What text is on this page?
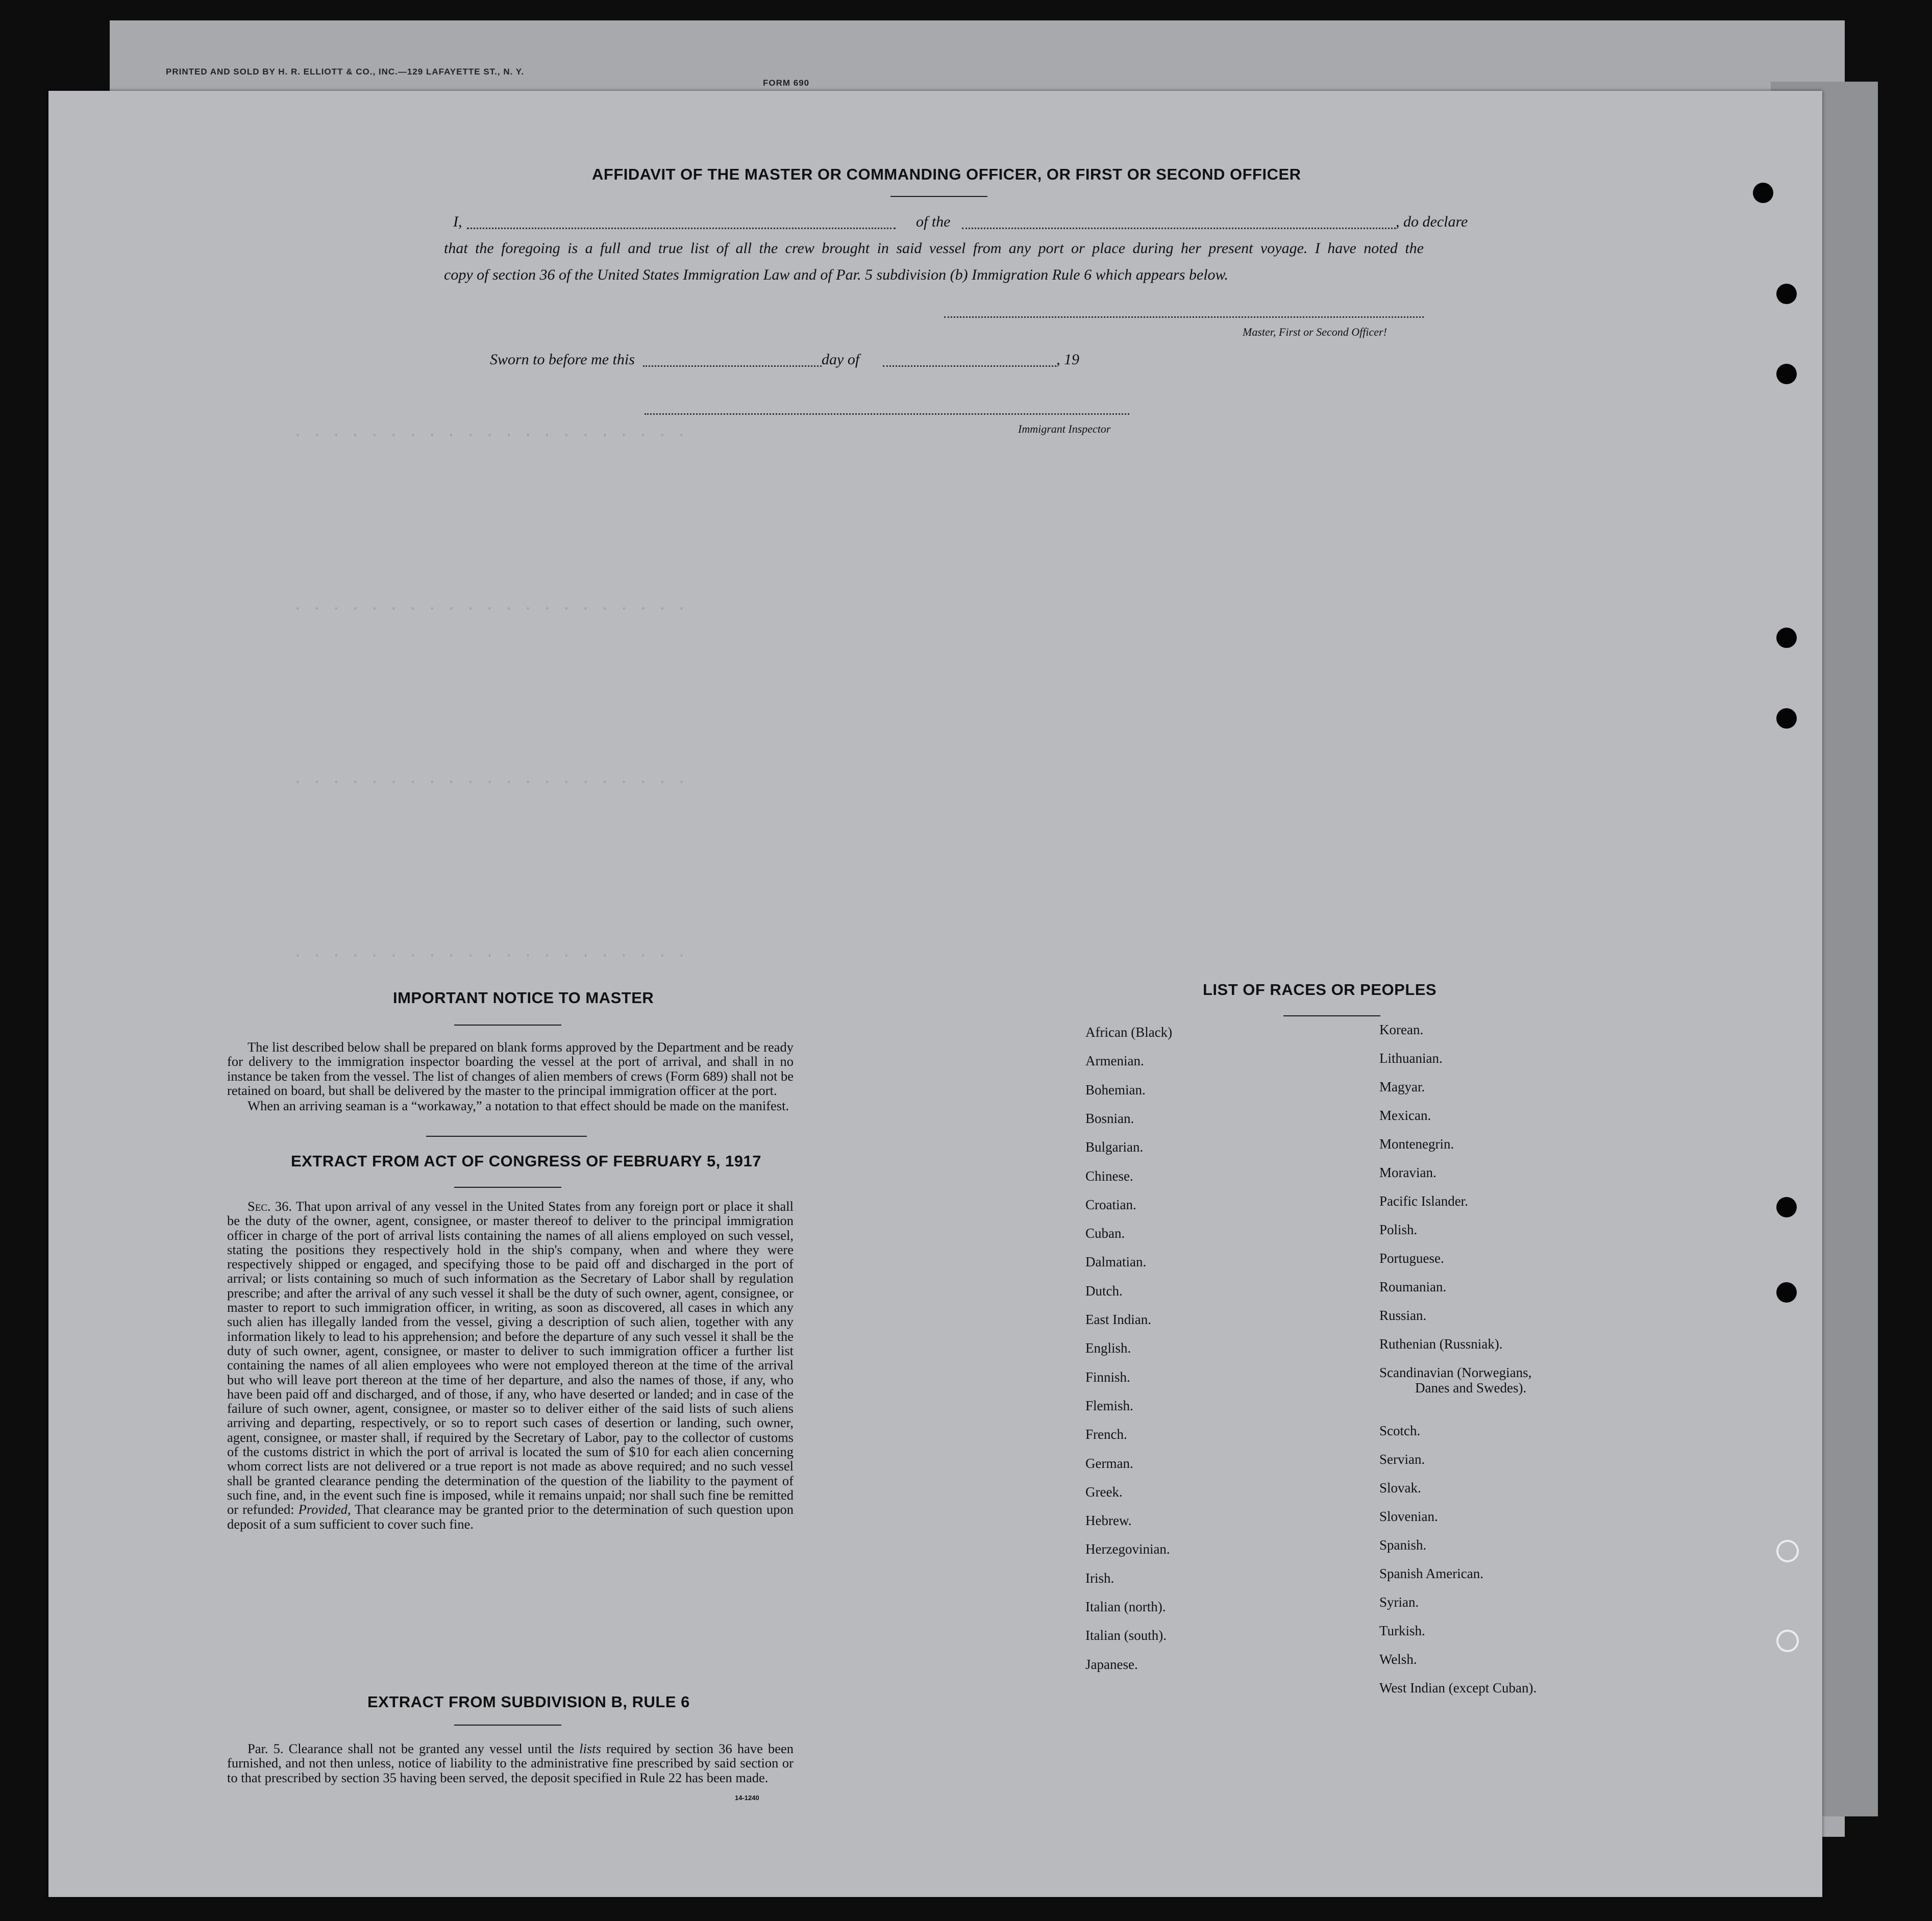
PRINTED AND SOLD BY H. R. ELLIOTT & CO., INC.—129 LAFAYETTE ST., N. Y.
FORM 690
· · · · · · · · · · · · · · · · · · · · ·
· · · · · · · · · · · · · · · · · · · · ·
· · · · · · · · · · · · · · · · · · · · ·
· · · · · · · · · · · · · · · · · · · · ·
AFFIDAVIT OF THE MASTER OR COMMANDING OFFICER, OR FIRST OR SECOND OFFICER
I,	of the	, do declare
that the foregoing is a full and true list of all the crew brought in said vessel from any port or place during her present voyage. I have noted the
copy of section 36 of the United States Immigration Law and of Par. 5 subdivision (b) Immigration Rule 6 which appears below.
Master, First or Second Officer!
Sworn to before me this	day of	, 19
Immigrant Inspector
IMPORTANT NOTICE TO MASTER
The list described below shall be prepared on blank forms approved by the Department and be ready for delivery to the immigration inspector boarding the vessel at the port of arrival, and shall in no instance be taken from the vessel. The list of changes of alien members of crews (Form 689) shall not be retained on board, but shall be delivered by the master to the principal immigration officer at the port.
When an arriving seaman is a “workaway,” a notation to that effect should be made on the manifest.
EXTRACT FROM ACT OF CONGRESS OF FEBRUARY 5, 1917
Sec. 36. That upon arrival of any vessel in the United States from any foreign port or place it shall be the duty of the owner, agent, consignee, or master thereof to deliver to the principal immigration officer in charge of the port of arrival lists containing the names of all aliens employed on such vessel, stating the positions they respectively hold in the ship's company, when and where they were respectively shipped or engaged, and specifying those to be paid off and discharged in the port of arrival; or lists containing so much of such information as the Secretary of Labor shall by regulation prescribe; and after the arrival of any such vessel it shall be the duty of such owner, agent, consignee, or master to report to such immigration officer, in writing, as soon as discovered, all cases in which any such alien has illegally landed from the vessel, giving a description of such alien, together with any information likely to lead to his apprehension; and before the departure of any such vessel it shall be the duty of such owner, agent, consignee, or master to deliver to such immigration officer a further list containing the names of all alien employees who were not employed thereon at the time of the arrival but who will leave port thereon at the time of her departure, and also the names of those, if any, who have been paid off and discharged, and of those, if any, who have deserted or landed; and in case of the failure of such owner, agent, consignee, or master so to deliver either of the said lists of such aliens arriving and departing, respectively, or so to report such cases of desertion or landing, such owner, agent, consignee, or master shall, if required by the Secretary of Labor, pay to the collector of customs of the customs district in which the port of arrival is located the sum of $10 for each alien concerning whom correct lists are not delivered or a true report is not made as above required; and no such vessel shall be granted clearance pending the determination of the question of the liability to the payment of such fine, and, in the event such fine is imposed, while it remains unpaid; nor shall such fine be remitted or refunded: Provided, That clearance may be granted prior to the determination of such question upon deposit of a sum sufficient to cover such fine.
EXTRACT FROM SUBDIVISION B, RULE 6
Par. 5. Clearance shall not be granted any vessel until the lists required by section 36 have been furnished, and not then unless, notice of liability to the administrative fine prescribed by said section or to that prescribed by section 35 having been served, the deposit specified in Rule 22 has been made.
14-1240
LIST OF RACES OR PEOPLES
African (Black)
Armenian.
Bohemian.
Bosnian.
Bulgarian.
Chinese.
Croatian.
Cuban.
Dalmatian.
Dutch.
East Indian.
English.
Finnish.
Flemish.
French.
German.
Greek.
Hebrew.
Herzegovinian.
Irish.
Italian (north).
Italian (south).
Japanese.
Korean.
Lithuanian.
Magyar.
Mexican.
Montenegrin.
Moravian.
Pacific Islander.
Polish.
Portuguese.
Roumanian.
Russian.
Ruthenian (Russniak).
Scandinavian (Norwegians,
Danes and Swedes).
Scotch.
Servian.
Slovak.
Slovenian.
Spanish.
Spanish American.
Syrian.
Turkish.
Welsh.
West Indian (except Cuban).
